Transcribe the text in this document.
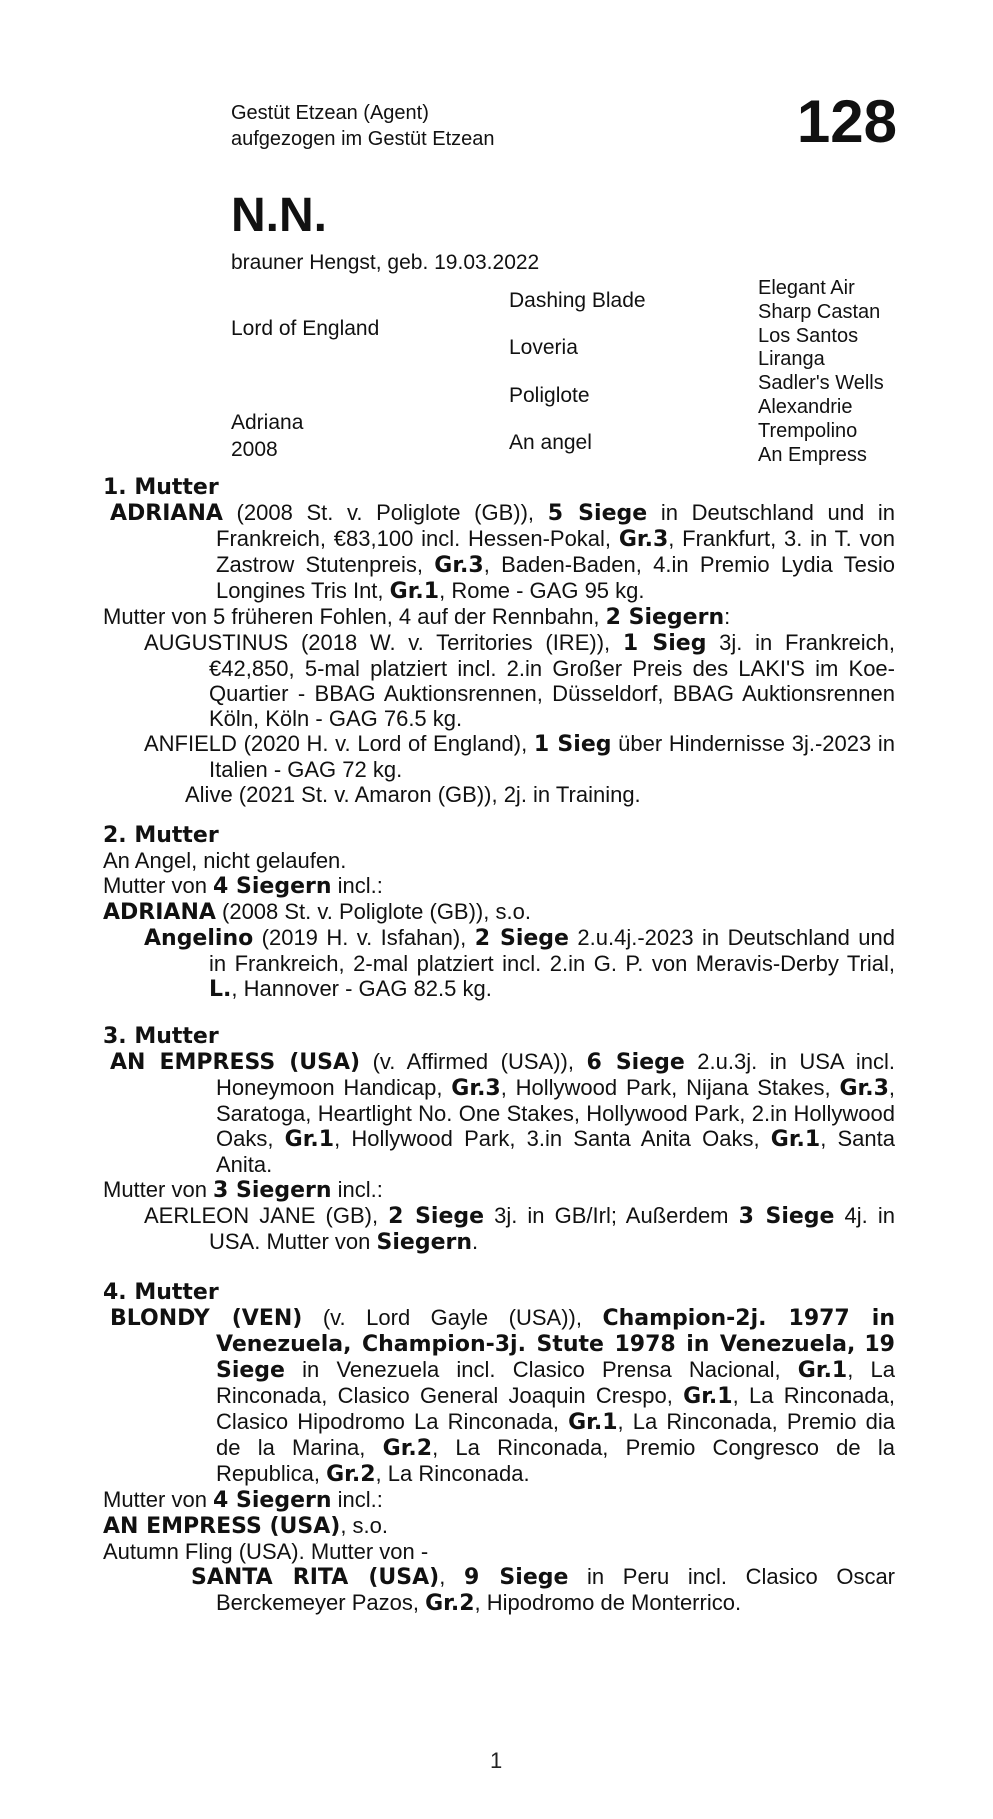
Gestüt Etzean (Agent)
aufgezogen im Gestüt Etzean	128
N.N.
brauner Hengst, geb. 19.03.2022
Lord of England
Dashing Blade
Loveria
Adriana
2008
Poliglote
An angel
Elegant Air
Sharp Castan
Los Santos
Liranga
Sadler's Wells
Alexandrie
Trempolino
An Empress

1. Mutter

ADRIANA (2008 St. v. Poliglote (GB)), 5 Siege in Deutschland und in Frankreich, €83,100 incl. Hessen-Pokal, Gr.3, Frankfurt, 3. in T. von Zastrow Stutenpreis, Gr.3, Baden-Baden, 4.in Premio Lydia Tesio Longines Tris Int, Gr.1, Rome - GAG 95 kg.

Mutter von 5 früheren Fohlen, 4 auf der Rennbahn, 2 Siegern:

AUGUSTINUS (2018 W. v. Territories (IRE)), 1 Sieg 3j. in Frankreich, €42,850, 5-mal platziert incl. 2.in Großer Preis des LAKI'S im Koe-Quartier - BBAG Auktionsrennen, Düsseldorf, BBAG Auktionsrennen Köln, Köln - GAG 76.5 kg.

ANFIELD (2020 H. v. Lord of England), 1 Sieg über Hindernisse 3j.-2023 in Italien - GAG 72 kg.

Alive (2021 St. v. Amaron (GB)), 2j. in Training.

2. Mutter

An Angel, nicht gelaufen.

Mutter von 4 Siegern incl.:

ADRIANA (2008 St. v. Poliglote (GB)), s.o.

Angelino (2019 H. v. Isfahan), 2 Siege 2.u.4j.-2023 in Deutschland und in Frankreich, 2-mal platziert incl. 2.in G. P. von Meravis-Derby Trial, L., Hannover - GAG 82.5 kg.

3. Mutter

AN EMPRESS (USA) (v. Affirmed (USA)), 6 Siege 2.u.3j. in USA incl. Honeymoon Handicap, Gr.3, Hollywood Park, Nijana Stakes, Gr.3, Saratoga, Heartlight No. One Stakes, Hollywood Park, 2.in Hollywood Oaks, Gr.1, Hollywood Park, 3.in Santa Anita Oaks, Gr.1, Santa Anita.

Mutter von 3 Siegern incl.:

AERLEON JANE (GB), 2 Siege 3j. in GB/Irl; Außerdem 3 Siege 4j. in USA. Mutter von Siegern.

4. Mutter

BLONDY (VEN) (v. Lord Gayle (USA)), Champion-2j. 1977 in Venezuela, Champion-3j. Stute 1978 in Venezuela, 19 Siege in Venezuela incl. Clasico Prensa Nacional, Gr.1, La Rinconada, Clasico General Joaquin Crespo, Gr.1, La Rinconada, Clasico Hipodromo La Rinconada, Gr.1, La Rinconada, Premio dia de la Marina, Gr.2, La Rinconada, Premio Congresco de la Republica, Gr.2, La Rinconada.

Mutter von 4 Siegern incl.:

AN EMPRESS (USA), s.o.

Autumn Fling (USA). Mutter von -

SANTA RITA (USA), 9 Siege in Peru incl. Clasico Oscar Berckemeyer Pazos, Gr.2, Hipodromo de Monterrico.

1
